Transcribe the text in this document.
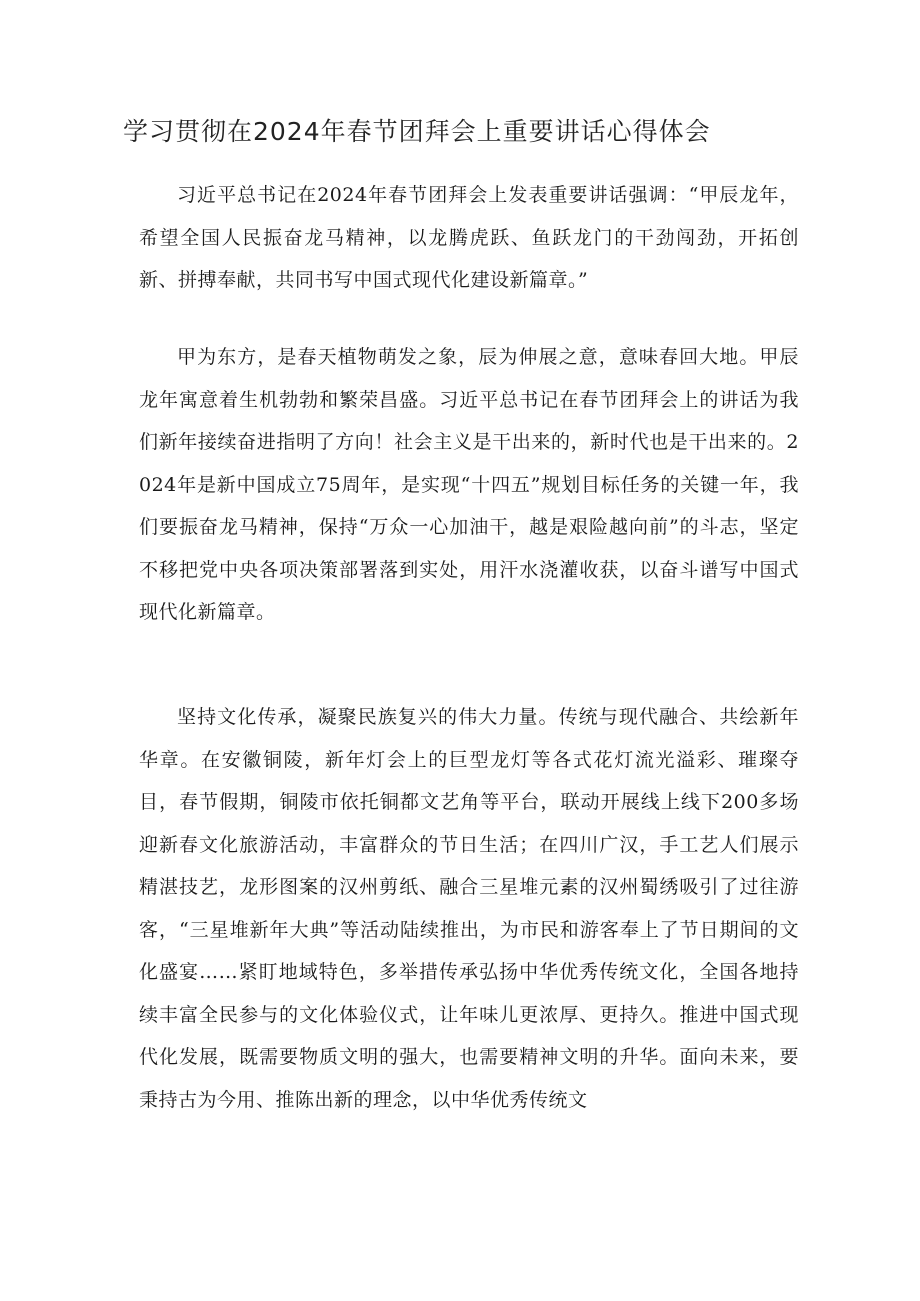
学习贯彻在2024年春节团拜会上重要讲话心得体会

习近平总书记在2024年春节团拜会上发表重要讲话强调：“甲辰龙年，希望全国人民振奋龙马精神，以龙腾虎跃、鱼跃龙门的干劲闯劲，开拓创新、拼搏奉献，共同书写中国式现代化建设新篇章。”

甲为东方，是春天植物萌发之象，辰为伸展之意，意味春回大地。甲辰龙年寓意着生机勃勃和繁荣昌盛。习近平总书记在春节团拜会上的讲话为我们新年接续奋进指明了方向！社会主义是干出来的，新时代也是干出来的。2024年是新中国成立75周年，是实现“十四五”规划目标任务的关键一年，我们要振奋龙马精神，保持“万众一心加油干，越是艰险越向前”的斗志，坚定不移把党中央各项决策部署落到实处，用汗水浇灌收获，以奋斗谱写中国式现代化新篇章。

坚持文化传承，凝聚民族复兴的伟大力量。传统与现代融合、共绘新年华章。在安徽铜陵，新年灯会上的巨型龙灯等各式花灯流光溢彩、璀璨夺目，春节假期，铜陵市依托铜都文艺角等平台，联动开展线上线下200多场迎新春文化旅游活动，丰富群众的节日生活；在四川广汉，手工艺人们展示精湛技艺，龙形图案的汉州剪纸、融合三星堆元素的汉州蜀绣吸引了过往游客，“三星堆新年大典”等活动陆续推出，为市民和游客奉上了节日期间的文化盛宴……紧盯地域特色，多举措传承弘扬中华优秀传统文化，全国各地持续丰富全民参与的文化体验仪式，让年味儿更浓厚、更持久。推进中国式现代化发展，既需要物质文明的强大，也需要精神文明的升华。面向未来，要秉持古为今用、推陈出新的理念，以中华优秀传统文
